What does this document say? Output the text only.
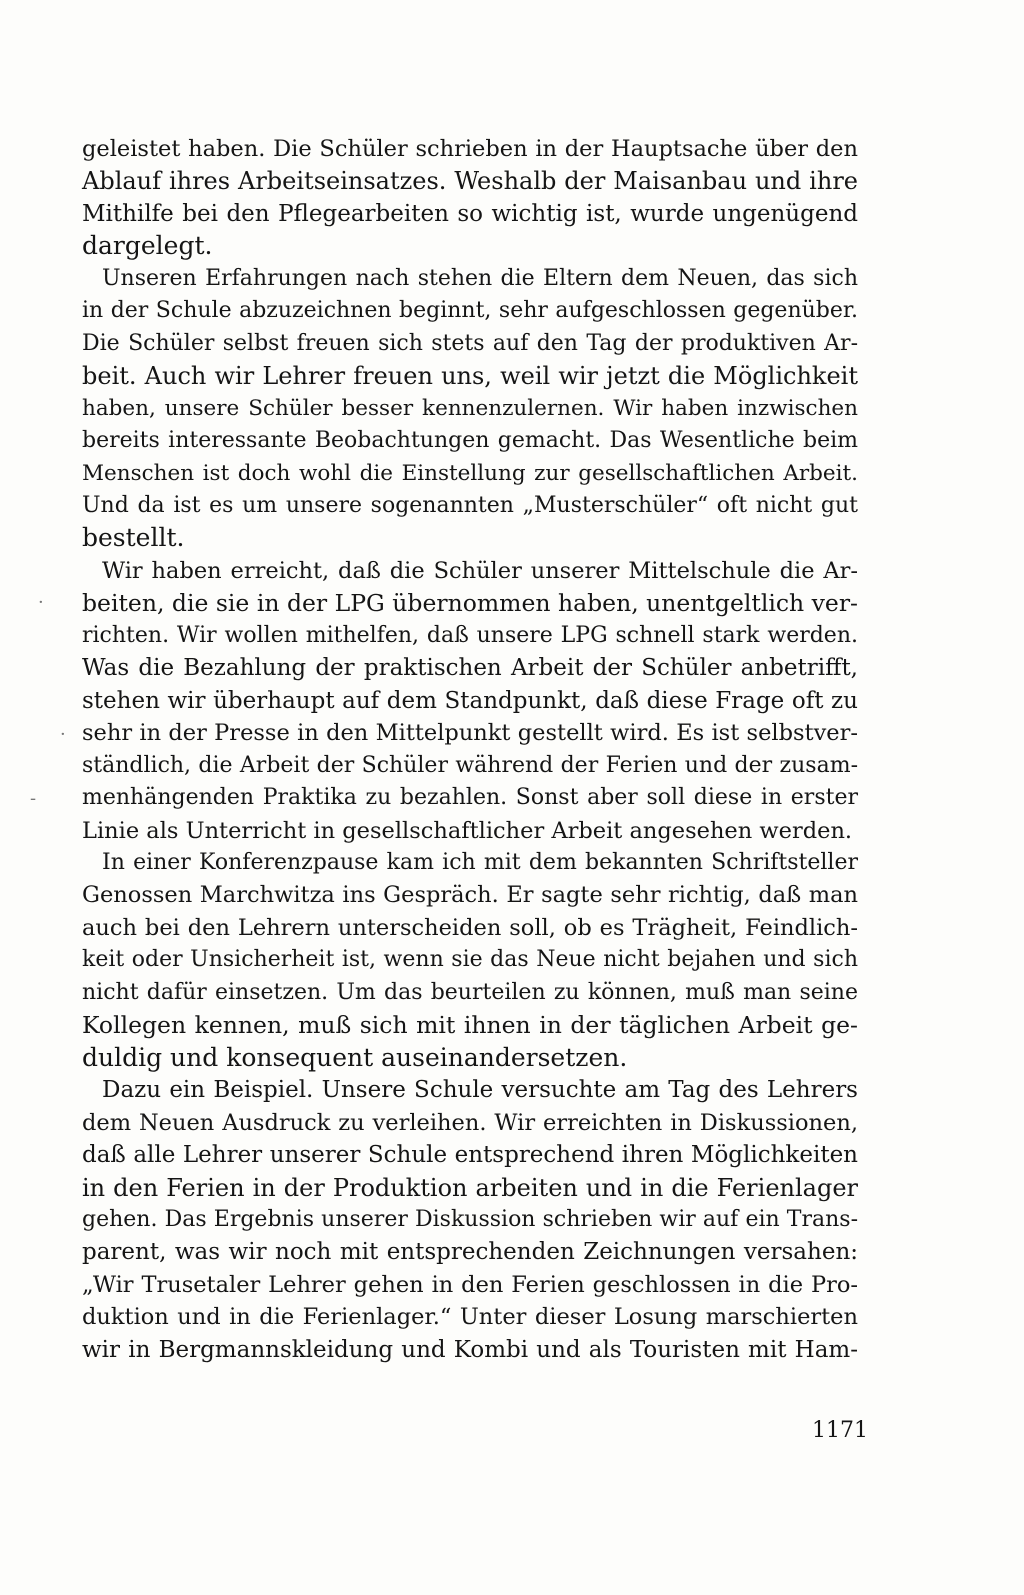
geleistet haben. Die Schüler schrieben in der Hauptsache über den
Ablauf ihres Arbeitseinsatzes. Weshalb der Maisanbau und ihre
Mithilfe bei den Pflegearbeiten so wichtig ist, wurde ungenügend
dargelegt.
Unseren Erfahrungen nach stehen die Eltern dem Neuen, das sich
in der Schule abzuzeichnen beginnt, sehr aufgeschlossen gegenüber.
Die Schüler selbst freuen sich stets auf den Tag der produktiven Ar-
beit. Auch wir Lehrer freuen uns, weil wir jetzt die Möglichkeit
haben, unsere Schüler besser kennenzulernen. Wir haben inzwischen
bereits interessante Beobachtungen gemacht. Das Wesentliche beim
Menschen ist doch wohl die Einstellung zur gesellschaftlichen Arbeit.
Und da ist es um unsere sogenannten „Musterschüler“ oft nicht gut
bestellt.
Wir haben erreicht, daß die Schüler unserer Mittelschule die Ar-
beiten, die sie in der LPG übernommen haben, unentgeltlich ver-
richten. Wir wollen mithelfen, daß unsere LPG schnell stark werden.
Was die Bezahlung der praktischen Arbeit der Schüler anbetrifft,
stehen wir überhaupt auf dem Standpunkt, daß diese Frage oft zu
sehr in der Presse in den Mittelpunkt gestellt wird. Es ist selbstver-
ständlich, die Arbeit der Schüler während der Ferien und der zusam-
menhängenden Praktika zu bezahlen. Sonst aber soll diese in erster
Linie als Unterricht in gesellschaftlicher Arbeit angesehen werden.
In einer Konferenzpause kam ich mit dem bekannten Schriftsteller
Genossen Marchwitza ins Gespräch. Er sagte sehr richtig, daß man
auch bei den Lehrern unterscheiden soll, ob es Trägheit, Feindlich-
keit oder Unsicherheit ist, wenn sie das Neue nicht bejahen und sich
nicht dafür einsetzen. Um das beurteilen zu können, muß man seine
Kollegen kennen, muß sich mit ihnen in der täglichen Arbeit ge-
duldig und konsequent auseinandersetzen.
Dazu ein Beispiel. Unsere Schule versuchte am Tag des Lehrers
dem Neuen Ausdruck zu verleihen. Wir erreichten in Diskussionen,
daß alle Lehrer unserer Schule entsprechend ihren Möglichkeiten
in den Ferien in der Produktion arbeiten und in die Ferienlager
gehen. Das Ergebnis unserer Diskussion schrieben wir auf ein Trans-
parent, was wir noch mit entsprechenden Zeichnungen versahen:
„Wir Trusetaler Lehrer gehen in den Ferien geschlossen in die Pro-
duktion und in die Ferienlager.“ Unter dieser Losung marschierten
wir in Bergmannskleidung und Kombi und als Touristen mit Ham-
1171
·
·
-
